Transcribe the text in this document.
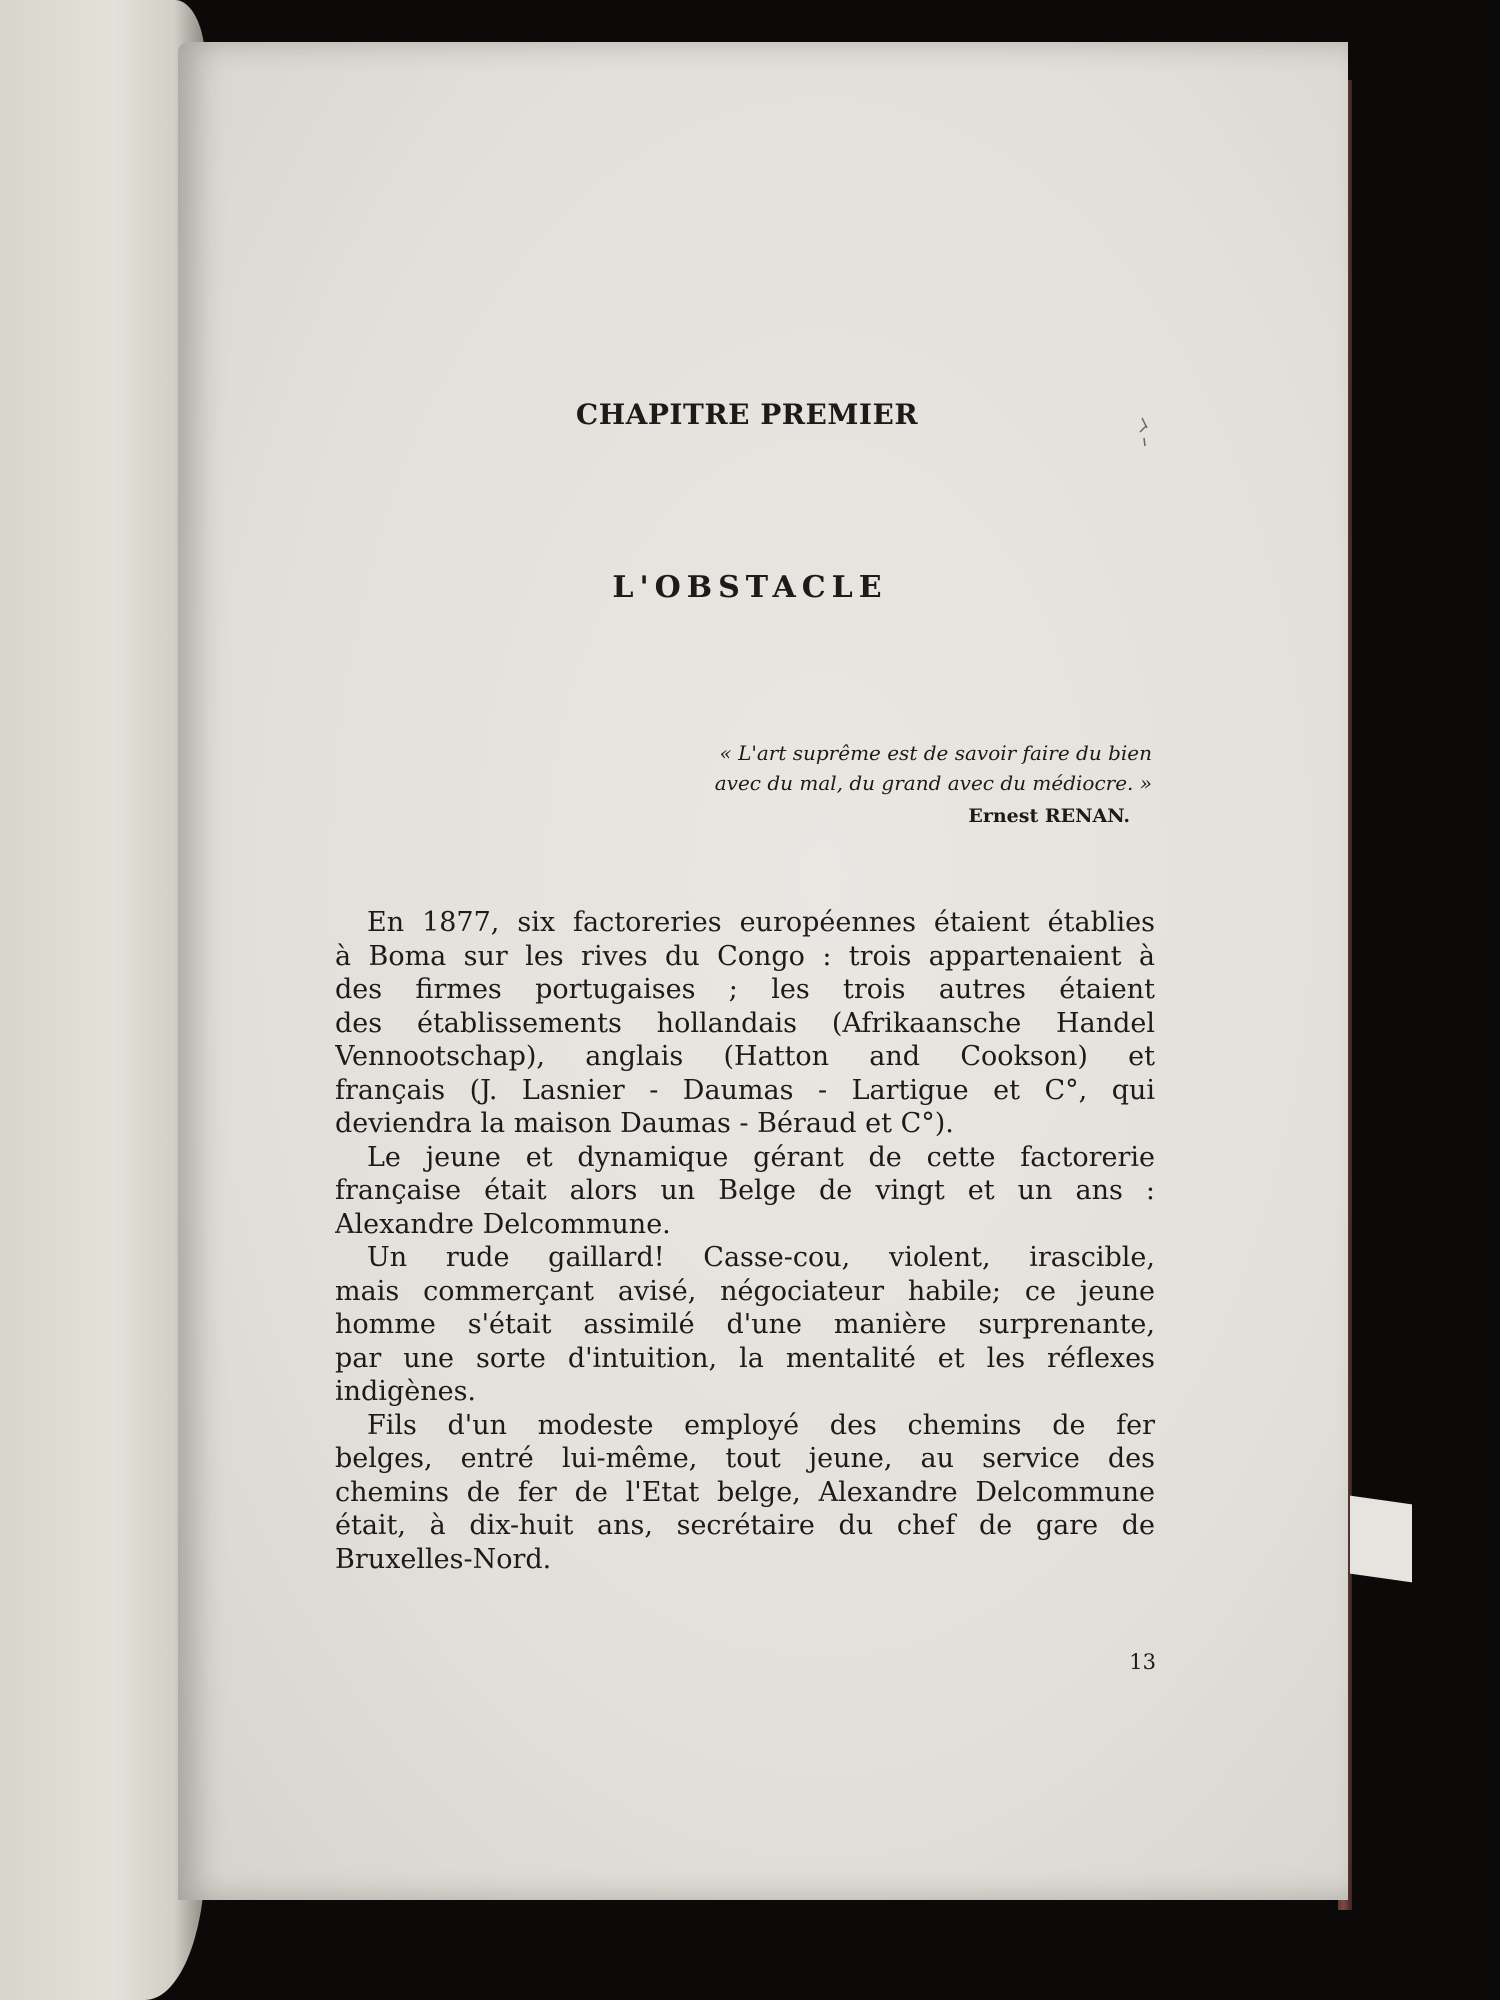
CHAPITRE PREMIER
L'OBSTACLE
« L'art suprême est de savoir faire du bien
avec du mal, du grand avec du médiocre. »
Ernest RENAN.
En 1877, six factoreries européennes étaient établies
à Boma sur les rives du Congo : trois appartenaient à
des firmes portugaises ; les trois autres étaient
des établissements hollandais (Afrikaansche Handel
Vennootschap), anglais (Hatton and Cookson) et
français (J. Lasnier - Daumas - Lartigue et C°, qui
deviendra la maison Daumas - Béraud et C°).
Le jeune et dynamique gérant de cette factorerie
française était alors un Belge de vingt et un ans :
Alexandre Delcommune.
Un rude gaillard! Casse-cou, violent, irascible,
mais commerçant avisé, négociateur habile; ce jeune
homme s'était assimilé d'une manière surprenante,
par une sorte d'intuition, la mentalité et les réflexes
indigènes.
Fils d'un modeste employé des chemins de fer
belges, entré lui-même, tout jeune, au service des
chemins de fer de l'Etat belge, Alexandre Delcommune
était, à dix-huit ans, secrétaire du chef de gare de
Bruxelles-Nord.
13
